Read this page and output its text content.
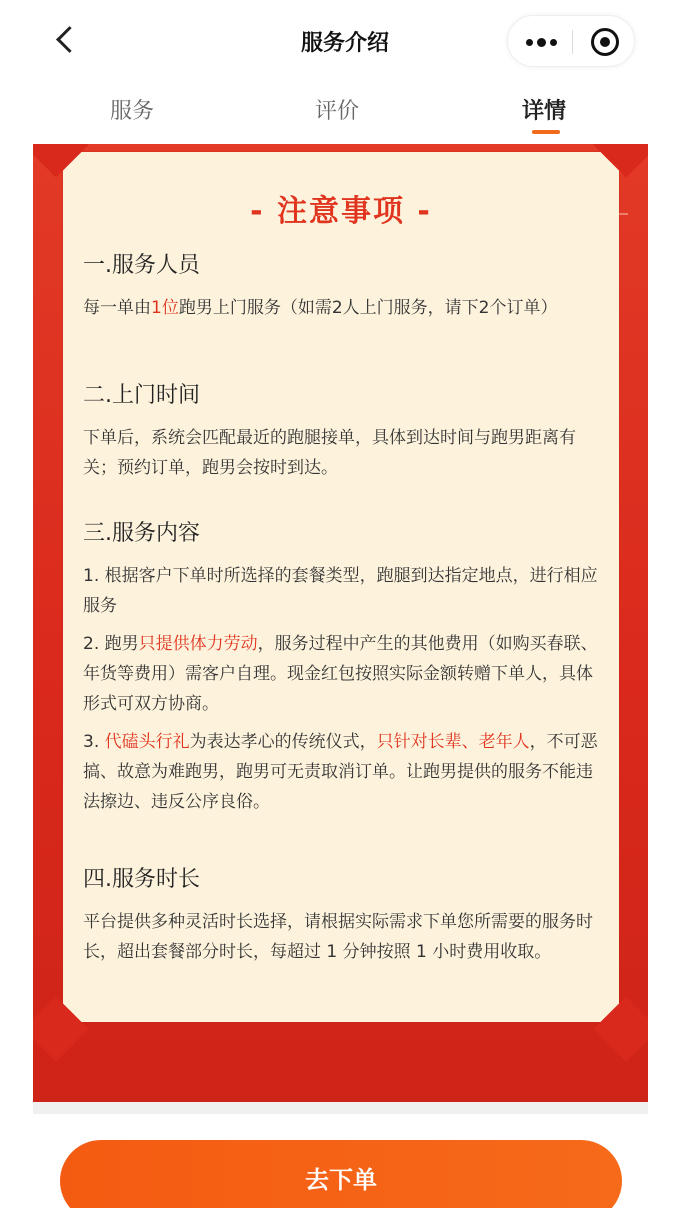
服务介绍
服务	评价	详情
- 注意事项 -
一.服务人员
每一单由1位跑男上门服务（如需2人上门服务，请下2个订单）
二.上门时间
下单后，系统会匹配最近的跑腿接单，具体到达时间与跑男距离有关；预约订单，跑男会按时到达。
三.服务内容

1. 根据客户下单时所选择的套餐类型，跑腿到达指定地点，进行相应服务

2. 跑男只提供体力劳动，服务过程中产生的其他费用（如购买春联、年货等费用）需客户自理。现金红包按照实际金额转赠下单人，具体形式可双方协商。

3. 代磕头行礼为表达孝心的传统仪式，只针对长辈、老年人，不可恶搞、故意为难跑男，跑男可无责取消订单。让跑男提供的服务不能违法擦边、违反公序良俗。

四.服务时长
平台提供多种灵活时长选择，请根据实际需求下单您所需要的服务时长，超出套餐部分时长，每超过 1 分钟按照 1 小时费用收取。
去下单
